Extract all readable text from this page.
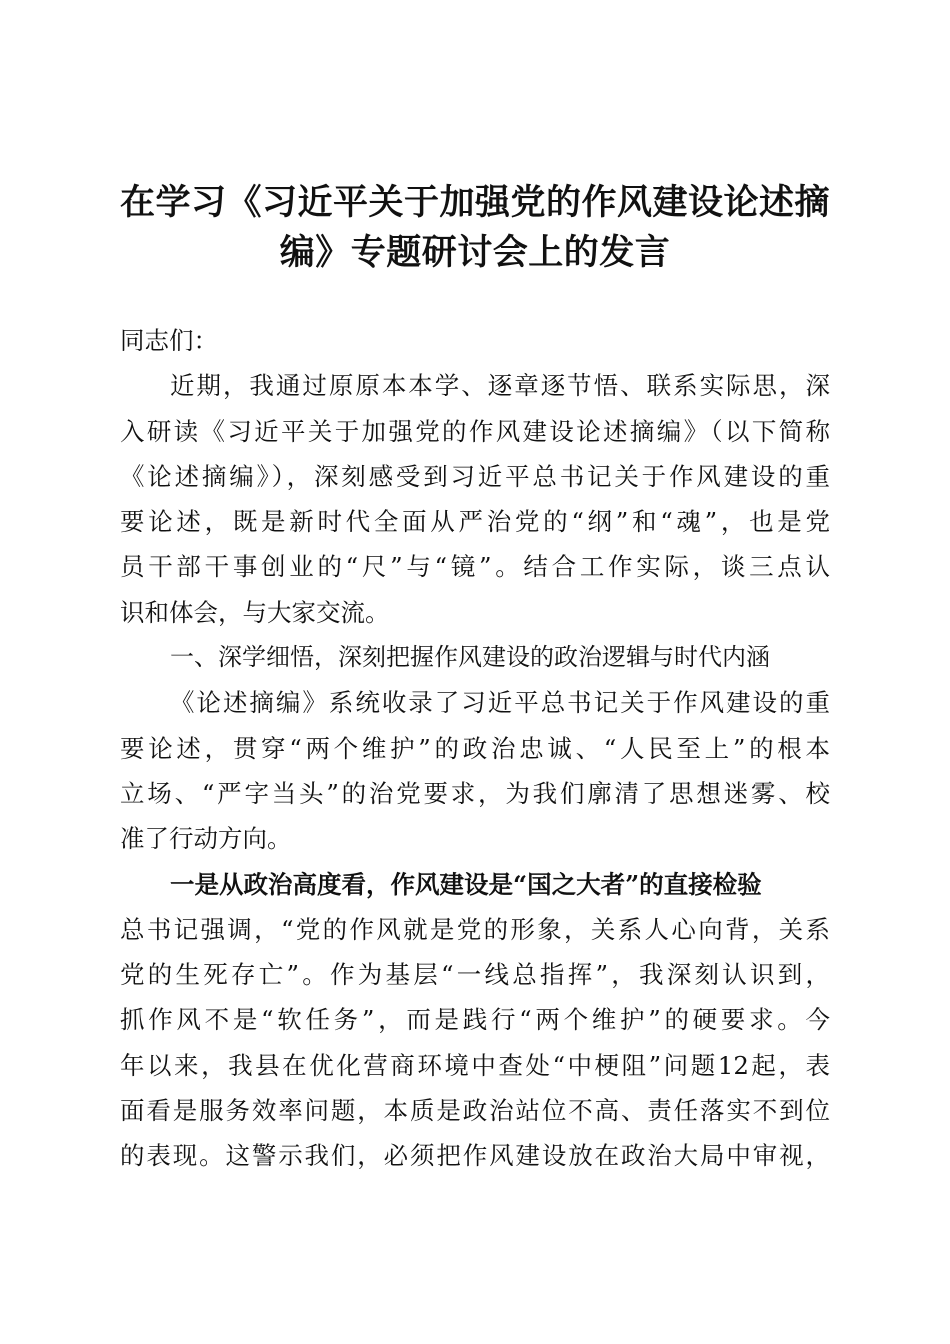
在学习《习近平关于加强党的作风建设论述摘
编》专题研讨会上的发言

同志们：

近期，我通过原原本本学、逐章逐节悟、联系实际思，深

入研读《习近平关于加强党的作风建设论述摘编》（以下简称

《论述摘编》），深刻感受到习近平总书记关于作风建设的重

要论述，既是新时代全面从严治党的“纲”和“魂”，也是党

员干部干事创业的“尺”与“镜”。结合工作实际，谈三点认

识和体会，与大家交流。

一、深学细悟，深刻把握作风建设的政治逻辑与时代内涵

《论述摘编》系统收录了习近平总书记关于作风建设的重

要论述，贯穿“两个维护”的政治忠诚、“人民至上”的根本

立场、“严字当头”的治党要求，为我们廓清了思想迷雾、校

准了行动方向。

一是从政治高度看，作风建设是“国之大者”的直接检验

总书记强调，“党的作风就是党的形象，关系人心向背，关系

党的生死存亡”。作为基层“一线总指挥”，我深刻认识到，

抓作风不是“软任务”，而是践行“两个维护”的硬要求。今

年以来，我县在优化营商环境中查处“中梗阻”问题12起，表

面看是服务效率问题，本质是政治站位不高、责任落实不到位

的表现。这警示我们，必须把作风建设放在政治大局中审视，
